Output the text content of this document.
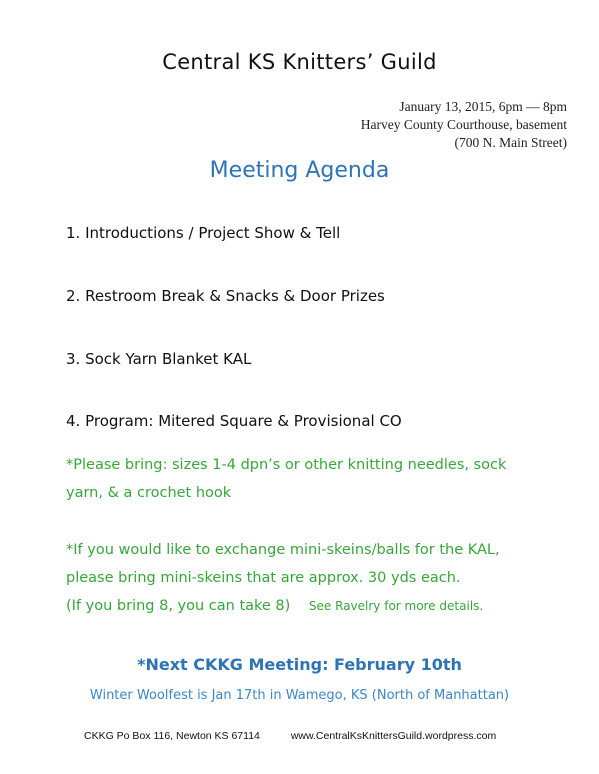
Central KS Knitters’ Guild
January 13, 2015, 6pm — 8pm
Harvey County Courthouse, basement
(700 N. Main Street)
Meeting Agenda
1. Introductions / Project Show & Tell
2. Restroom Break & Snacks & Door Prizes
3. Sock Yarn Blanket KAL
4. Program: Mitered Square & Provisional CO
*Please bring: sizes 1-4 dpn’s or other knitting needles, sock
yarn, & a crochet hook
*If you would like to exchange mini-skeins/balls for the KAL,
please bring mini-skeins that are approx. 30 yds each.
(If you bring 8, you can take 8) See Ravelry for more details.
*Next CKKG Meeting: February 10th
Winter Woolfest is Jan 17th in Wamego, KS (North of Manhattan)
CKKG Po Box 116, Newton KS 67114	www.CentralKsKnittersGuild.wordpress.com
